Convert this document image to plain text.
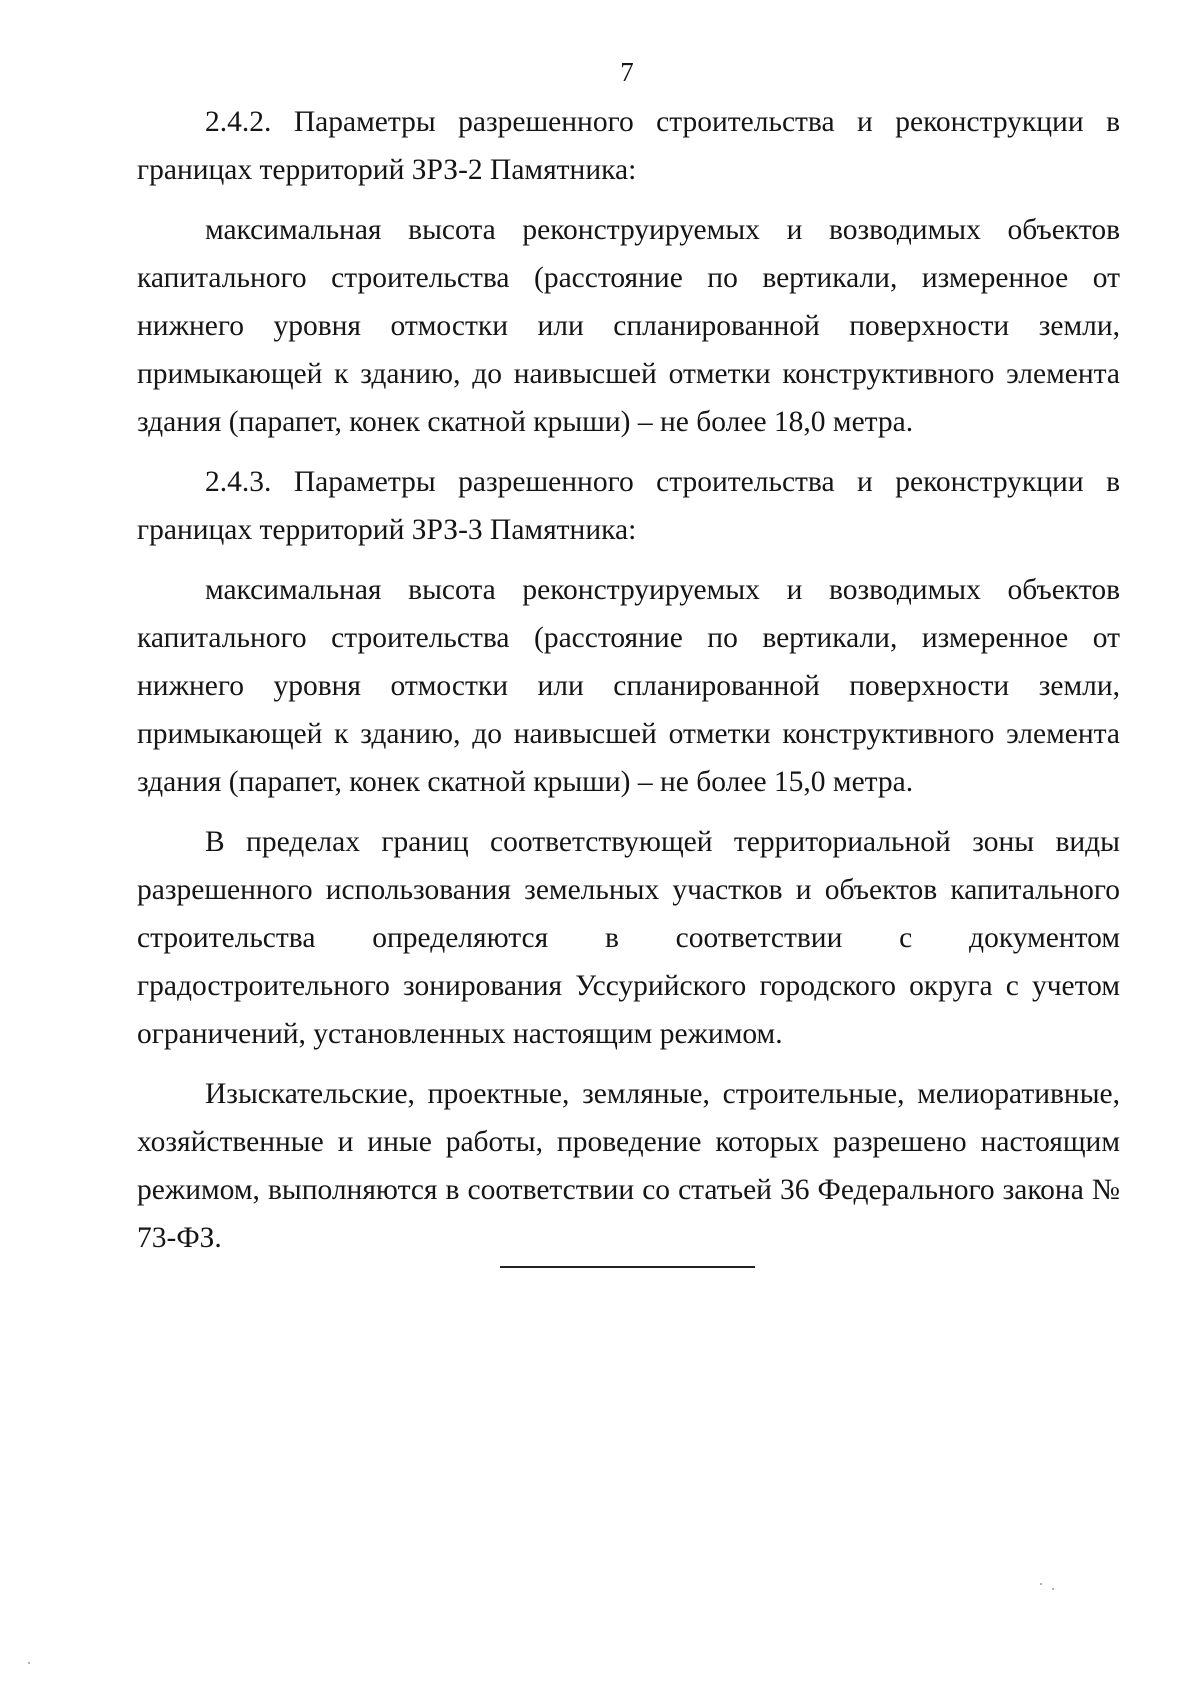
7

2.4.2. Параметры разрешенного строительства и реконструкции в границах территорий ЗРЗ-2 Памятника:

максимальная высота реконструируемых и возводимых объектов капитального строительства (расстояние по вертикали, измеренное от нижнего уровня отмостки или спланированной поверхности земли, примыкающей к зданию, до наивысшей отметки конструктивного элемента здания (парапет, конек скатной крыши) – не более 18,0 метра.

2.4.3. Параметры разрешенного строительства и реконструкции в границах территорий ЗРЗ-3 Памятника:

максимальная высота реконструируемых и возводимых объектов капитального строительства (расстояние по вертикали, измеренное от нижнего уровня отмостки или спланированной поверхности земли, примыкающей к зданию, до наивысшей отметки конструктивного элемента здания (парапет, конек скатной крыши) – не более 15,0 метра.

В пределах границ соответствующей территориальной зоны виды разрешенного использования земельных участков и объектов капитального строительства определяются в соответствии с документом градостроительного зонирования Уссурийского городского округа с учетом ограничений, установленных настоящим режимом.

Изыскательские, проектные, земляные, строительные, мелиоративные, хозяйственные и иные работы, проведение которых разрешено настоящим режимом, выполняются в соответствии со статьей 36 Федерального закона № 73-ФЗ.
